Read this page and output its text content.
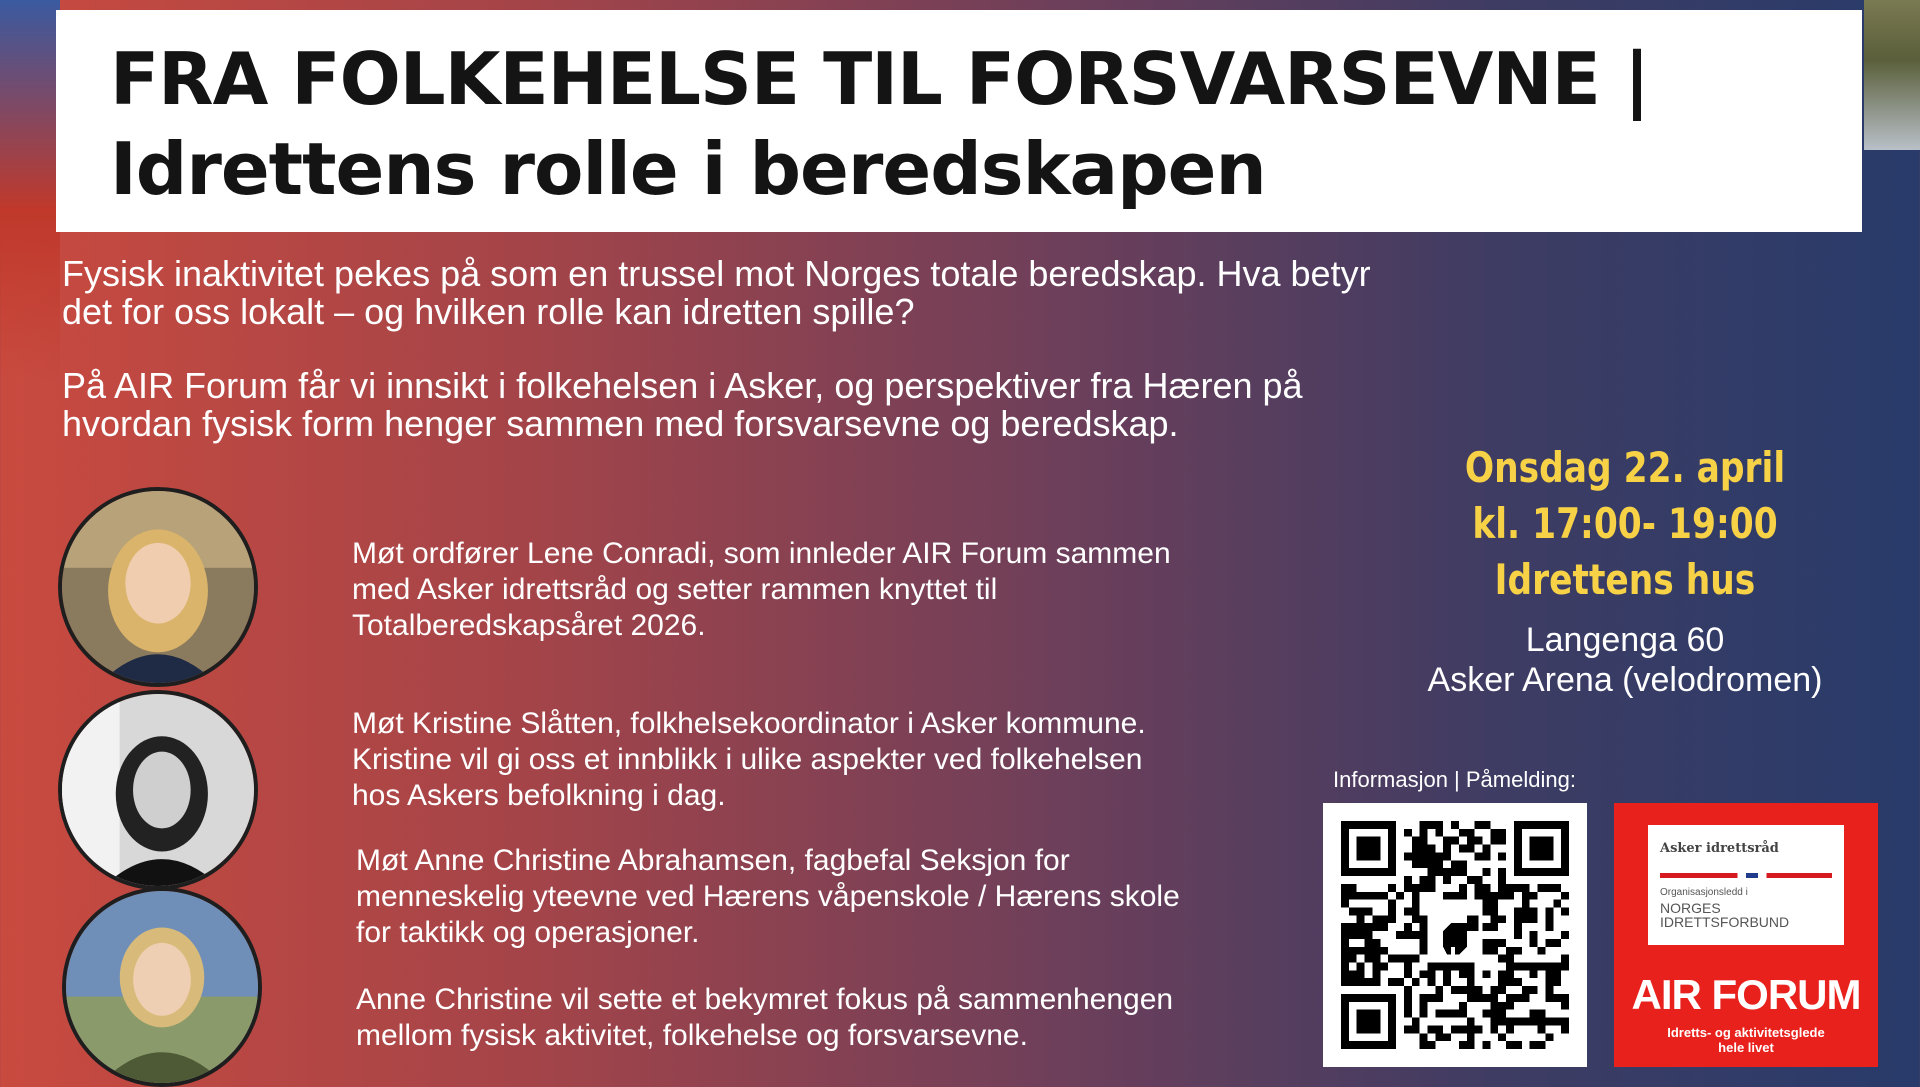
FRA FOLKEHELSE TIL FORSVARSEVNE |
Idrettens rolle i beredskapen

Fysisk inaktivitet pekes på som en trussel mot Norges totale beredskap. Hva betyr
det for oss lokalt – og hvilken rolle kan idretten spille?

På AIR Forum får vi innsikt i folkehelsen i Asker, og perspektiver fra Hæren på
hvordan fysisk form henger sammen med forsvarsevne og beredskap.

Møt ordfører Lene Conradi, som innleder AIR Forum sammen
med Asker idrettsråd og setter rammen knyttet til
Totalberedskapsåret 2026.
Møt Kristine Slåtten, folkhelsekoordinator i Asker kommune.
Kristine vil gi oss et innblikk i ulike aspekter ved folkehelsen
hos Askers befolkning i dag.
Møt Anne Christine Abrahamsen, fagbefal Seksjon for
menneskelig yteevne ved Hærens våpenskole / Hærens skole
for taktikk og operasjoner.
Anne Christine vil sette et bekymret fokus på sammenhengen
mellom fysisk aktivitet, folkehelse og forsvarsevne.
Onsdag 22. april
kl. 17:00- 19:00
Idrettens hus
Langenga 60
Asker Arena (velodromen)
Informasjon | Påmelding:
Asker idrettsråd
Organisasjonsledd i
NORGES
IDRETTSFORBUND
AIR FORUM
Idretts- og aktivitetsglede
hele livet
